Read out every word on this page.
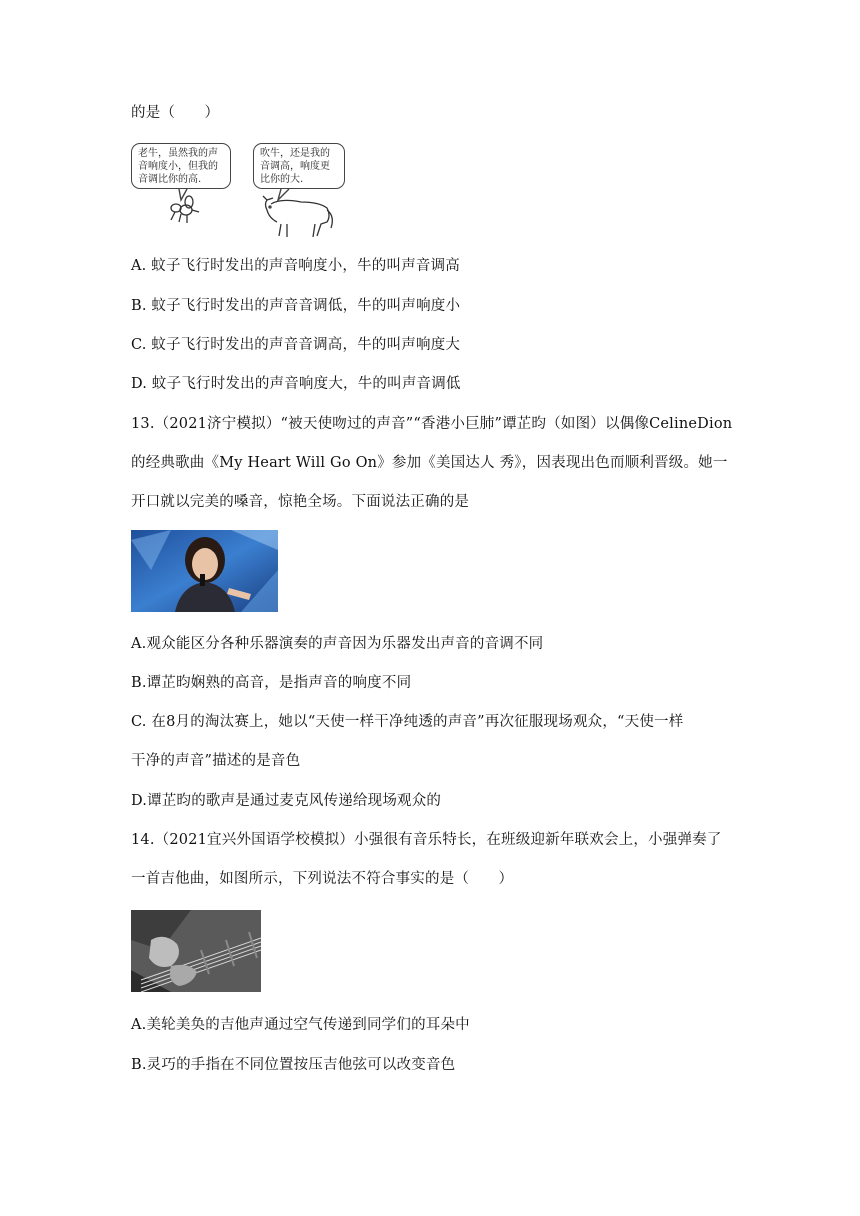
的是（　　）
老牛，虽然我的声
音响度小，但我的
音调比你的高.
吹牛，还是我的
音调高，响度更
比你的大.
A. 蚊子飞行时发出的声音响度小，牛的叫声音调高
B. 蚊子飞行时发出的声音音调低，牛的叫声响度小
C. 蚊子飞行时发出的声音音调高，牛的叫声响度大
D. 蚊子飞行时发出的声音响度大，牛的叫声音调低
13.（2021济宁模拟）“被天使吻过的声音”“香港小巨肺”谭芷昀（如图）以偶像CelineDion
的经典歌曲《My Heart Will Go On》参加《美国达人 秀》，因表现出色而顺利晋级。她一
开口就以完美的嗓音，惊艳全场。下面说法正确的是
A.观众能区分各种乐器演奏的声音因为乐器发出声音的音调不同
B.谭芷昀娴熟的高音，是指声音的响度不同
C. 在8月的淘汰赛上，她以“天使一样干净纯透的声音”再次征服现场观众，“天使一样
干净的声音”描述的是音色
D.谭芷昀的歌声是通过麦克风传递给现场观众的
14.（2021宜兴外国语学校模拟）小强很有音乐特长，在班级迎新年联欢会上，小强弹奏了
一首吉他曲，如图所示，下列说法不符合事实的是（　　）
A.美轮美奂的吉他声通过空气传递到同学们的耳朵中
B.灵巧的手指在不同位置按压吉他弦可以改变音色
